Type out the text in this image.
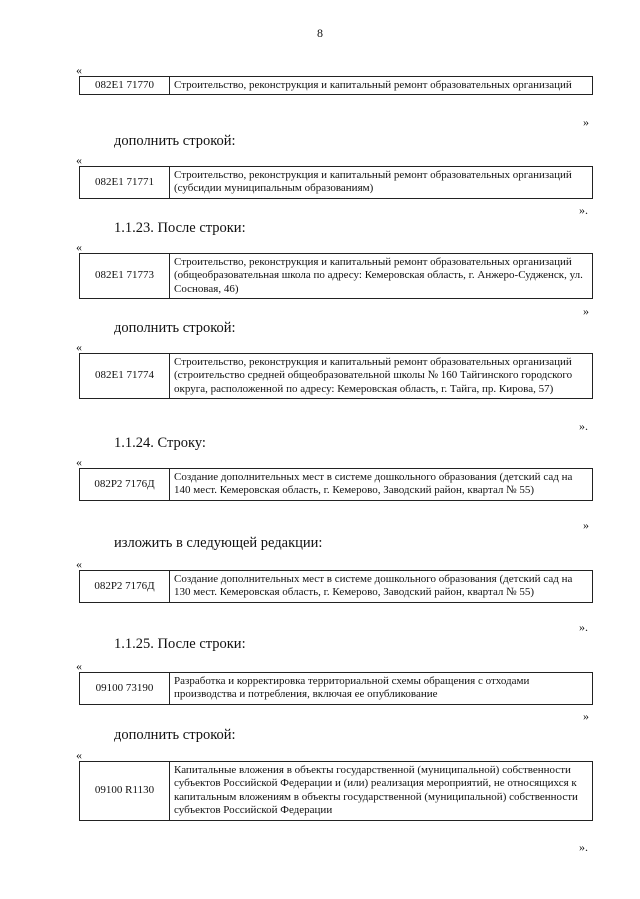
8
«
082E1 71770	Строительство, реконструкция и капитальный ремонт образовательных организаций
»
дополнить строкой:
«
082E1 71771	Строительство, реконструкция и капитальный ремонт образовательных организаций (субсидии муниципальным образованиям)
».
1.1.23. После строки:
«
082E1 71773	Строительство, реконструкция и капитальный ремонт образовательных организаций (общеобразовательная школа по адресу: Кемеровская область, г. Анжеро-Судженск, ул. Сосновая, 46)
»
дополнить строкой:
«
082E1 71774	Строительство, реконструкция и капитальный ремонт образовательных организаций (строительство средней общеобразовательной школы № 160 Тайгинского городского округа, расположенной по адресу: Кемеровская область, г. Тайга, пр. Кирова, 57)
».
1.1.24. Строку:
«
082P2 7176Д	Создание дополнительных мест в системе дошкольного образования (детский сад на 140 мест. Кемеровская область, г. Кемерово, Заводский район, квартал № 55)
»
изложить в следующей редакции:
«
082P2 7176Д	Создание дополнительных мест в системе дошкольного образования (детский сад на 130 мест. Кемеровская область, г. Кемерово, Заводский район, квартал № 55)
».
1.1.25. После строки:
«
09100 73190	Разработка и корректировка территориальной схемы обращения с отходами производства и потребления, включая ее опубликование
»
дополнить строкой:
«
09100 R1130	Капитальные вложения в объекты государственной (муниципальной) собственности субъектов Российской Федерации и (или) реализация мероприятий, не относящихся к капитальным вложениям в объекты государственной (муниципальной) собственности субъектов Российской Федерации
».
